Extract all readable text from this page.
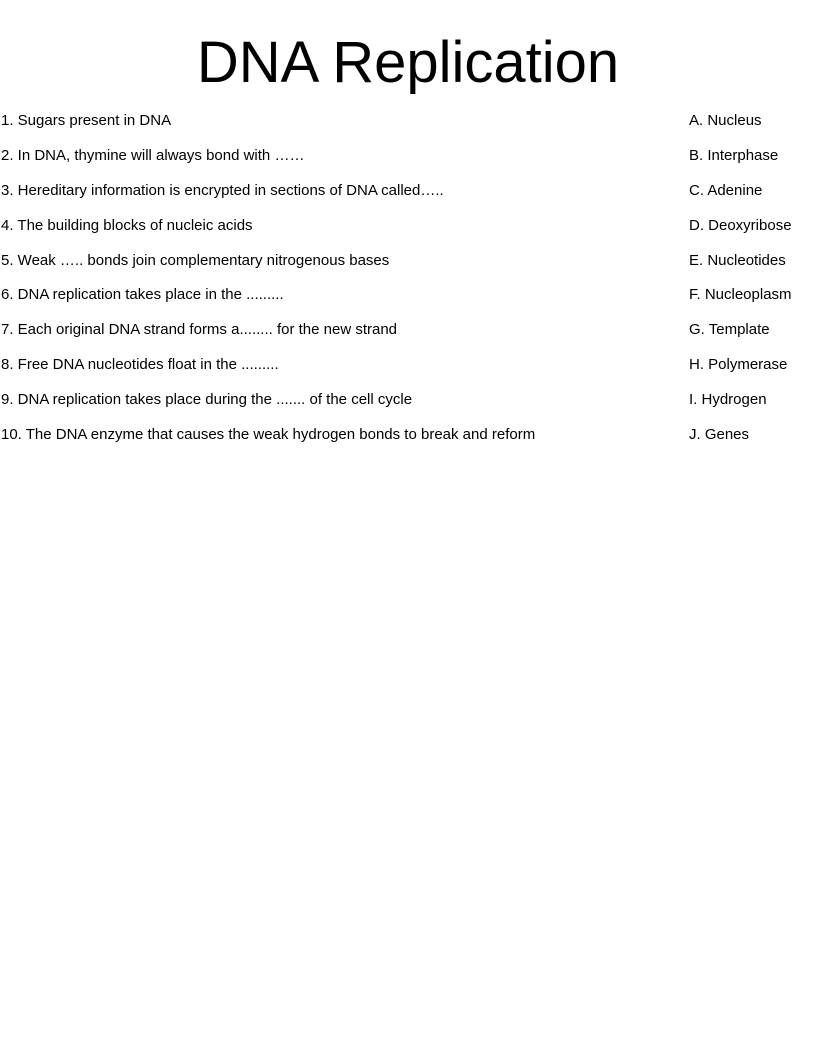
DNA Replication
1. Sugars present in DNA	A. Nucleus
2. In DNA, thymine will always bond with ……	B. Interphase
3. Hereditary information is encrypted in sections of DNA called…..	C. Adenine
4. The building blocks of nucleic acids	D. Deoxyribose
5. Weak ….. bonds join complementary nitrogenous bases	E. Nucleotides
6. DNA replication takes place in the .........	F. Nucleoplasm
7. Each original DNA strand forms a........ for the new strand	G. Template
8. Free DNA nucleotides float in the .........	H. Polymerase
9. DNA replication takes place during the ....... of the cell cycle	I. Hydrogen
10. The DNA enzyme that causes the weak hydrogen bonds to break and reform	J. Genes
